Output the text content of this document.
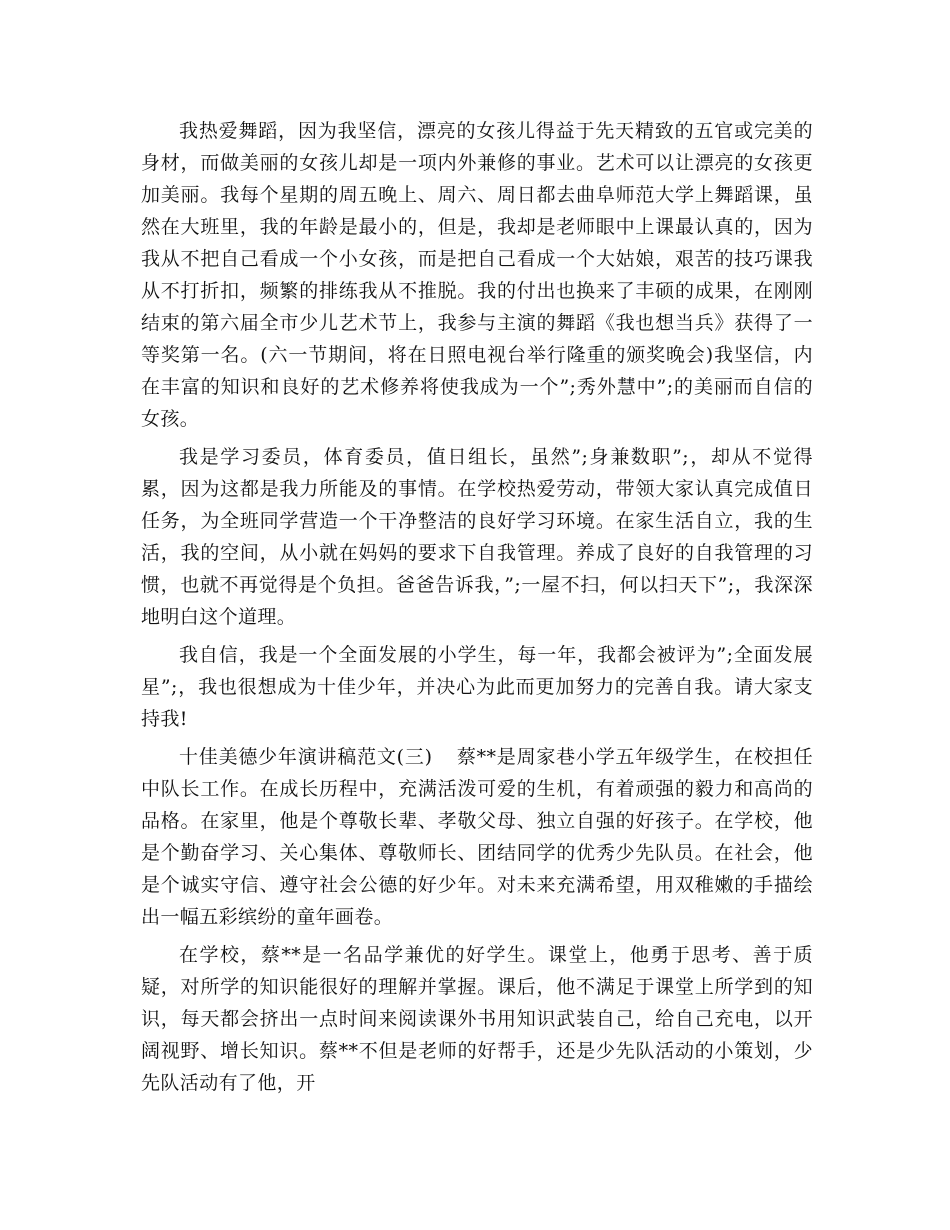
我热爱舞蹈，因为我坚信，漂亮的女孩儿得益于先天精致的五官或完美的身材，而做美丽的女孩儿却是一项内外兼修的事业。艺术可以让漂亮的女孩更加美丽。我每个星期的周五晚上、周六、周日都去曲阜师范大学上舞蹈课，虽然在大班里，我的年龄是最小的，但是，我却是老师眼中上课最认真的，因为我从不把自己看成一个小女孩，而是把自己看成一个大姑娘，艰苦的技巧课我从不打折扣，频繁的排练我从不推脱。我的付出也换来了丰硕的成果，在刚刚结束的第六届全市少儿艺术节上，我参与主演的舞蹈《我也想当兵》获得了一等奖第一名。(六一节期间，将在日照电视台举行隆重的颁奖晚会)我坚信，内在丰富的知识和良好的艺术修养将使我成为一个”;秀外慧中”;的美丽而自信的女孩。

我是学习委员，体育委员，值日组长，虽然”;身兼数职”;，却从不觉得累，因为这都是我力所能及的事情。在学校热爱劳动，带领大家认真完成值日任务，为全班同学营造一个干净整洁的良好学习环境。在家生活自立，我的生活，我的空间，从小就在妈妈的要求下自我管理。养成了良好的自我管理的习惯，也就不再觉得是个负担。爸爸告诉我，”;一屋不扫，何以扫天下”;，我深深地明白这个道理。

我自信，我是一个全面发展的小学生，每一年，我都会被评为”;全面发展星”;，我也很想成为十佳少年，并决心为此而更加努力的完善自我。请大家支持我!

十佳美德少年演讲稿范文(三) 蔡**是周家巷小学五年级学生，在校担任中队长工作。在成长历程中，充满活泼可爱的生机，有着顽强的毅力和高尚的品格。在家里，他是个尊敬长辈、孝敬父母、独立自强的好孩子。在学校，他是个勤奋学习、关心集体、尊敬师长、团结同学的优秀少先队员。在社会，他是个诚实守信、遵守社会公德的好少年。对未来充满希望，用双稚嫩的手描绘出一幅五彩缤纷的童年画卷。

在学校，蔡**是一名品学兼优的好学生。课堂上，他勇于思考、善于质疑，对所学的知识能很好的理解并掌握。课后，他不满足于课堂上所学到的知识，每天都会挤出一点时间来阅读课外书用知识武装自己，给自己充电，以开阔视野、增长知识。蔡**不但是老师的好帮手，还是少先队活动的小策划，少先队活动有了他，开
